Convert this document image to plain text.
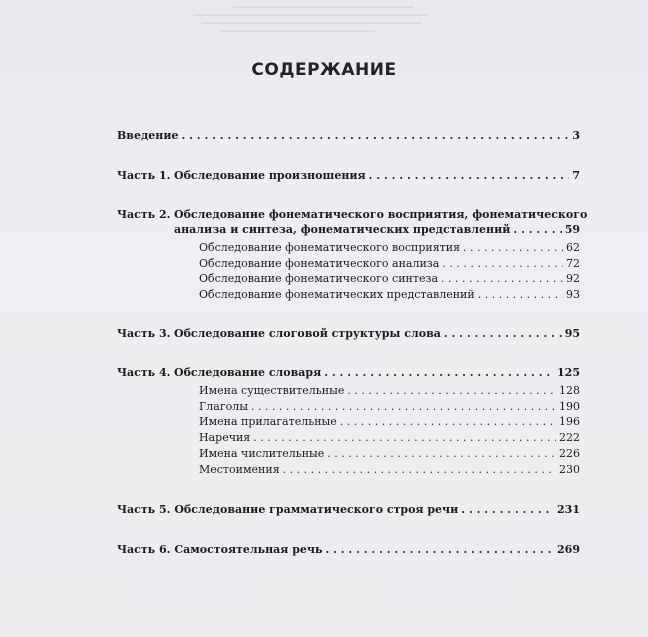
СОДЕРЖАНИЕ
Введение . . .	3
Часть 1. Обследование произношения . . .	7
Часть 2. Обследование фонематического восприятия, фонематического
анализа и синтеза, фонематических представлений . . .	59
Обследование фонематического восприятия . . .	62
Обследование фонематического анализа . . .	72
Обследование фонематического синтеза . . .	92
Обследование фонематических представлений . . .	93
Часть 3. Обследование слоговой структуры слова . . .	95
Часть 4. Обследование словаря . . .	125
Имена существительные . . .	128
Глаголы . . .	190
Имена прилагательные . . .	196
Наречия . . .	222
Имена числительные . . .	226
Местоимения . . .	230
Часть 5. Обследование грамматического строя речи . . .	231
Часть 6. Самостоятельная речь . . .	269
